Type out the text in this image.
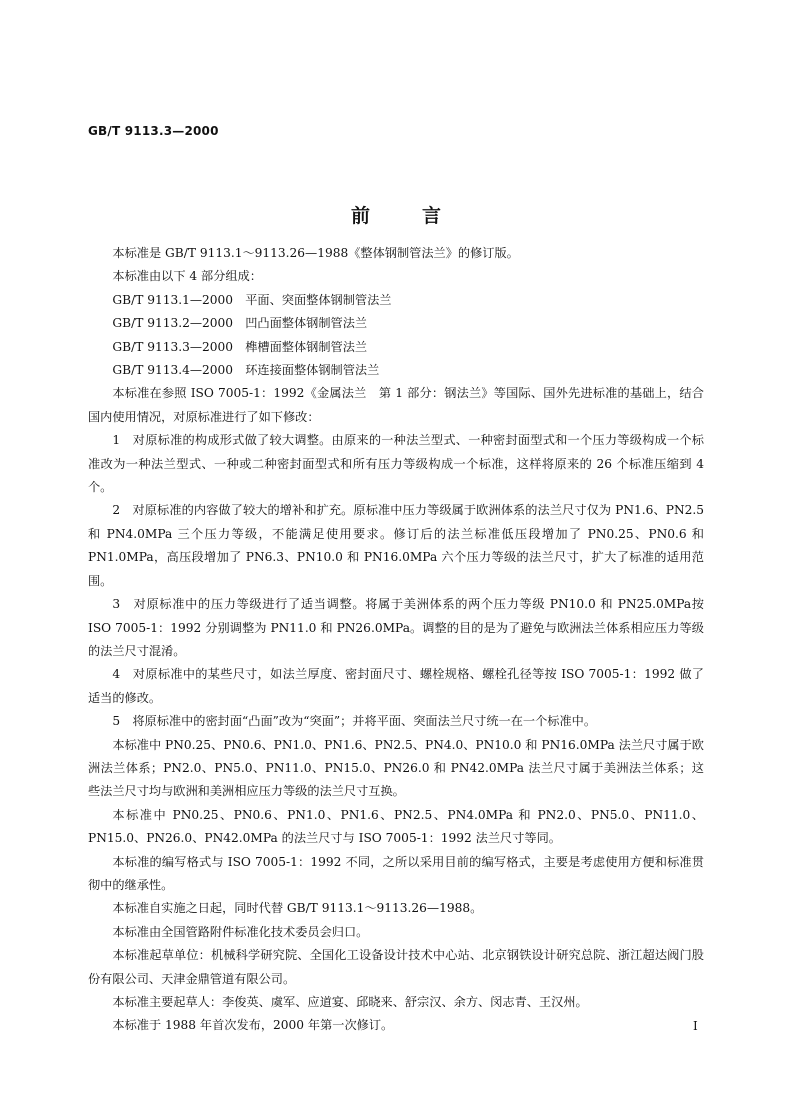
GB/T 9113.3—2000
前	言

本标准是 GB/T 9113.1～9113.26—1988《整体钢制管法兰》的修订版。

本标准由以下 4 部分组成：

GB/T 9113.1—2000　平面、突面整体钢制管法兰

GB/T 9113.2—2000　凹凸面整体钢制管法兰

GB/T 9113.3—2000　榫槽面整体钢制管法兰

GB/T 9113.4—2000　环连接面整体钢制管法兰

本标准在参照 ISO 7005-1：1992《金属法兰　第 1 部分：钢法兰》等国际、国外先进标准的基础上，结合国内使用情况，对原标准进行了如下修改：

1　对原标准的构成形式做了较大调整。由原来的一种法兰型式、一种密封面型式和一个压力等级构成一个标准改为一种法兰型式、一种或二种密封面型式和所有压力等级构成一个标准，这样将原来的 26 个标准压缩到 4 个。

2　对原标准的内容做了较大的增补和扩充。原标准中压力等级属于欧洲体系的法兰尺寸仅为 PN1.6、PN2.5 和 PN4.0MPa 三个压力等级，不能满足使用要求。修订后的法兰标准低压段增加了 PN0.25、PN0.6 和 PN1.0MPa，高压段增加了 PN6.3、PN10.0 和 PN16.0MPa 六个压力等级的法兰尺寸，扩大了标准的适用范围。

3　对原标准中的压力等级进行了适当调整。将属于美洲体系的两个压力等级 PN10.0 和 PN25.0MPa按 ISO 7005-1：1992 分别调整为 PN11.0 和 PN26.0MPa。调整的目的是为了避免与欧洲法兰体系相应压力等级的法兰尺寸混淆。

4　对原标准中的某些尺寸，如法兰厚度、密封面尺寸、螺栓规格、螺栓孔径等按 ISO 7005-1：1992 做了适当的修改。

5　将原标准中的密封面“凸面”改为“突面”；并将平面、突面法兰尺寸统一在一个标准中。

本标准中 PN0.25、PN0.6、PN1.0、PN1.6、PN2.5、PN4.0、PN10.0 和 PN16.0MPa 法兰尺寸属于欧洲法兰体系；PN2.0、PN5.0、PN11.0、PN15.0、PN26.0 和 PN42.0MPa 法兰尺寸属于美洲法兰体系；这些法兰尺寸均与欧洲和美洲相应压力等级的法兰尺寸互换。

本标准中 PN0.25、PN0.6、PN1.0、PN1.6、PN2.5、PN4.0MPa 和 PN2.0、PN5.0、PN11.0、PN15.0、PN26.0、PN42.0MPa 的法兰尺寸与 ISO 7005-1：1992 法兰尺寸等同。

本标准的编写格式与 ISO 7005-1：1992 不同，之所以采用目前的编写格式，主要是考虑使用方便和标准贯彻中的继承性。

本标准自实施之日起，同时代替 GB/T 9113.1～9113.26—1988。

本标准由全国管路附件标准化技术委员会归口。

本标准起草单位：机械科学研究院、全国化工设备设计技术中心站、北京钢铁设计研究总院、浙江超达阀门股份有限公司、天津金鼎管道有限公司。

本标准主要起草人：李俊英、虞军、应道宴、邱晓来、舒宗汉、余方、闵志青、王汉州。

本标准于 1988 年首次发布，2000 年第一次修订。	I
